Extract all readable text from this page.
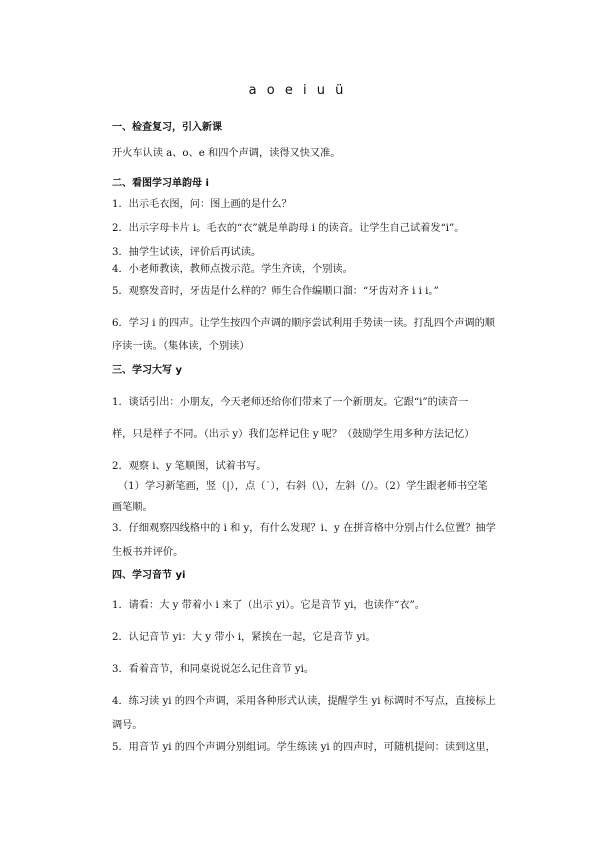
a o e i u ü
一、检查复习，引入新课
开火车认读 a、o、e 和四个声调，读得又快又准。
二、看图学习单韵母 i
1．出示毛衣图，问：图上画的是什么？
2．出示字母卡片 i。毛衣的“衣”就是单韵母 i 的读音。让学生自己试着发“i”。
3．抽学生试读，评价后再试读。
4．小老师教读，教师点拨示范。学生齐读，个别读。
5．观察发音时，牙齿是什么样的？师生合作编顺口溜：“牙齿对齐 i i i。”
6．学习 i 的四声。让学生按四个声调的顺序尝试利用手势读一读。打乱四个声调的顺
序读一读。（集体读，个别读）
三、学习大写 y
1．谈话引出：小朋友，今天老师还给你们带来了一个新朋友。它跟“i”的读音一
样，只是样子不同。（出示 y）我们怎样记住 y 呢？（鼓励学生用多种方法记忆）
2．观察 i、y 笔顺图，试着书写。
（1）学习新笔画，竖（|），点（˙），右斜（\），左斜（/）。（2）学生跟老师书空笔
画笔顺。
3．仔细观察四线格中的 i 和 y，有什么发现？i、y 在拼音格中分别占什么位置？抽学
生板书并评价。
四、学习音节 yi
1．请看：大 y 带着小 i 来了（出示 yi）。它是音节 yi，也读作“衣”。
2．认记音节 yi：大 y 带小 i，紧挨在一起，它是音节 yi。
3．看着音节，和同桌说说怎么记住音节 yi。
4．练习读 yi 的四个声调，采用各种形式认读，提醒学生 yi 标调时不写点，直接标上
调号。
5．用音节 yi 的四个声调分别组词。学生练读 yi 的四声时，可随机提问：读到这里，
